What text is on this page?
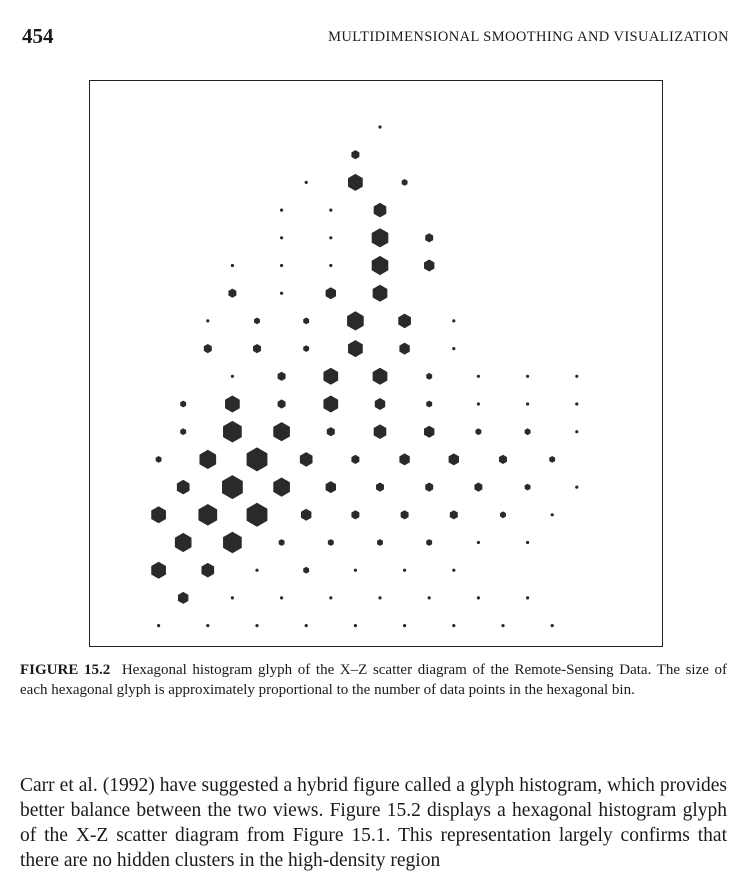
454	MULTIDIMENSIONAL SMOOTHING AND VISUALIZATION
FIGURE 15.2 Hexagonal histogram glyph of the X–Z scatter diagram of the Remote-Sensing Data. The size of each hexagonal glyph is approximately proportional to the number of data points in the hexagonal bin.
Carr et al. (1992) have suggested a hybrid figure called a glyph histogram, which provides better balance between the two views. Figure 15.2 displays a hexagonal histogram glyph of the X-Z scatter diagram from Figure 15.1. This representation largely confirms that there are no hidden clusters in the high-density region
